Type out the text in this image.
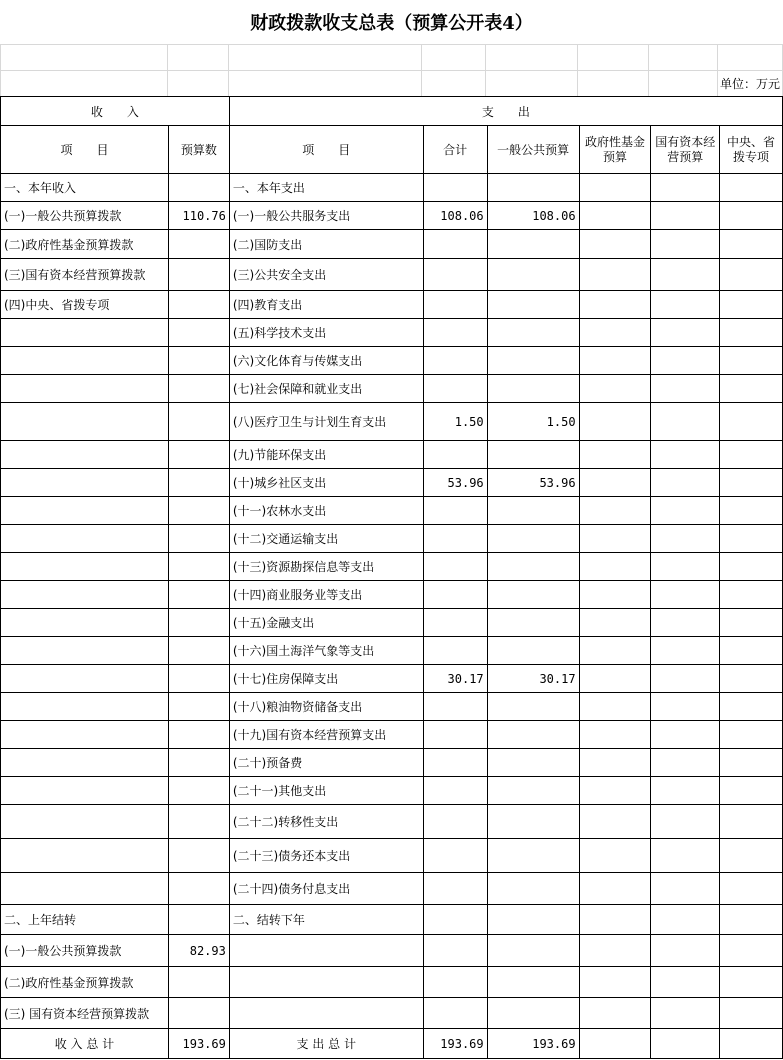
财政拨款收支总表（预算公开表4）

							单位：万元
收　　入		支　　出					
项　　目	预算数	项　　目	合计	一般公共预算	政府性基金预算	国有资本经营预算	中央、省拨专项
一、本年收入		一、本年支出					
(一)一般公共预算拨款	110.76	(一)一般公共服务支出	108.06	108.06			
(二)政府性基金预算拨款		(二)国防支出					
(三)国有资本经营预算拨款		(三)公共安全支出					
(四)中央、省拨专项		(四)教育支出					
		(五)科学技术支出					
		(六)文化体育与传媒支出					
		(七)社会保障和就业支出					
		(八)医疗卫生与计划生育支出	1.50	1.50			
		(九)节能环保支出					
		(十)城乡社区支出	53.96	53.96			
		(十一)农林水支出					
		(十二)交通运输支出					
		(十三)资源勘探信息等支出					
		(十四)商业服务业等支出					
		(十五)金融支出					
		(十六)国土海洋气象等支出					
		(十七)住房保障支出	30.17	30.17			
		(十八)粮油物资储备支出					
		(十九)国有资本经营预算支出					
		(二十)预备费					
		(二十一)其他支出					
		(二十二)转移性支出					
		(二十三)债务还本支出					
		(二十四)债务付息支出					
二、上年结转		二、结转下年					
(一)一般公共预算拨款	82.93						
(二)政府性基金预算拨款							
(三) 国有资本经营预算拨款							
收 入 总 计	193.69	支 出 总 计	193.69	193.69			
